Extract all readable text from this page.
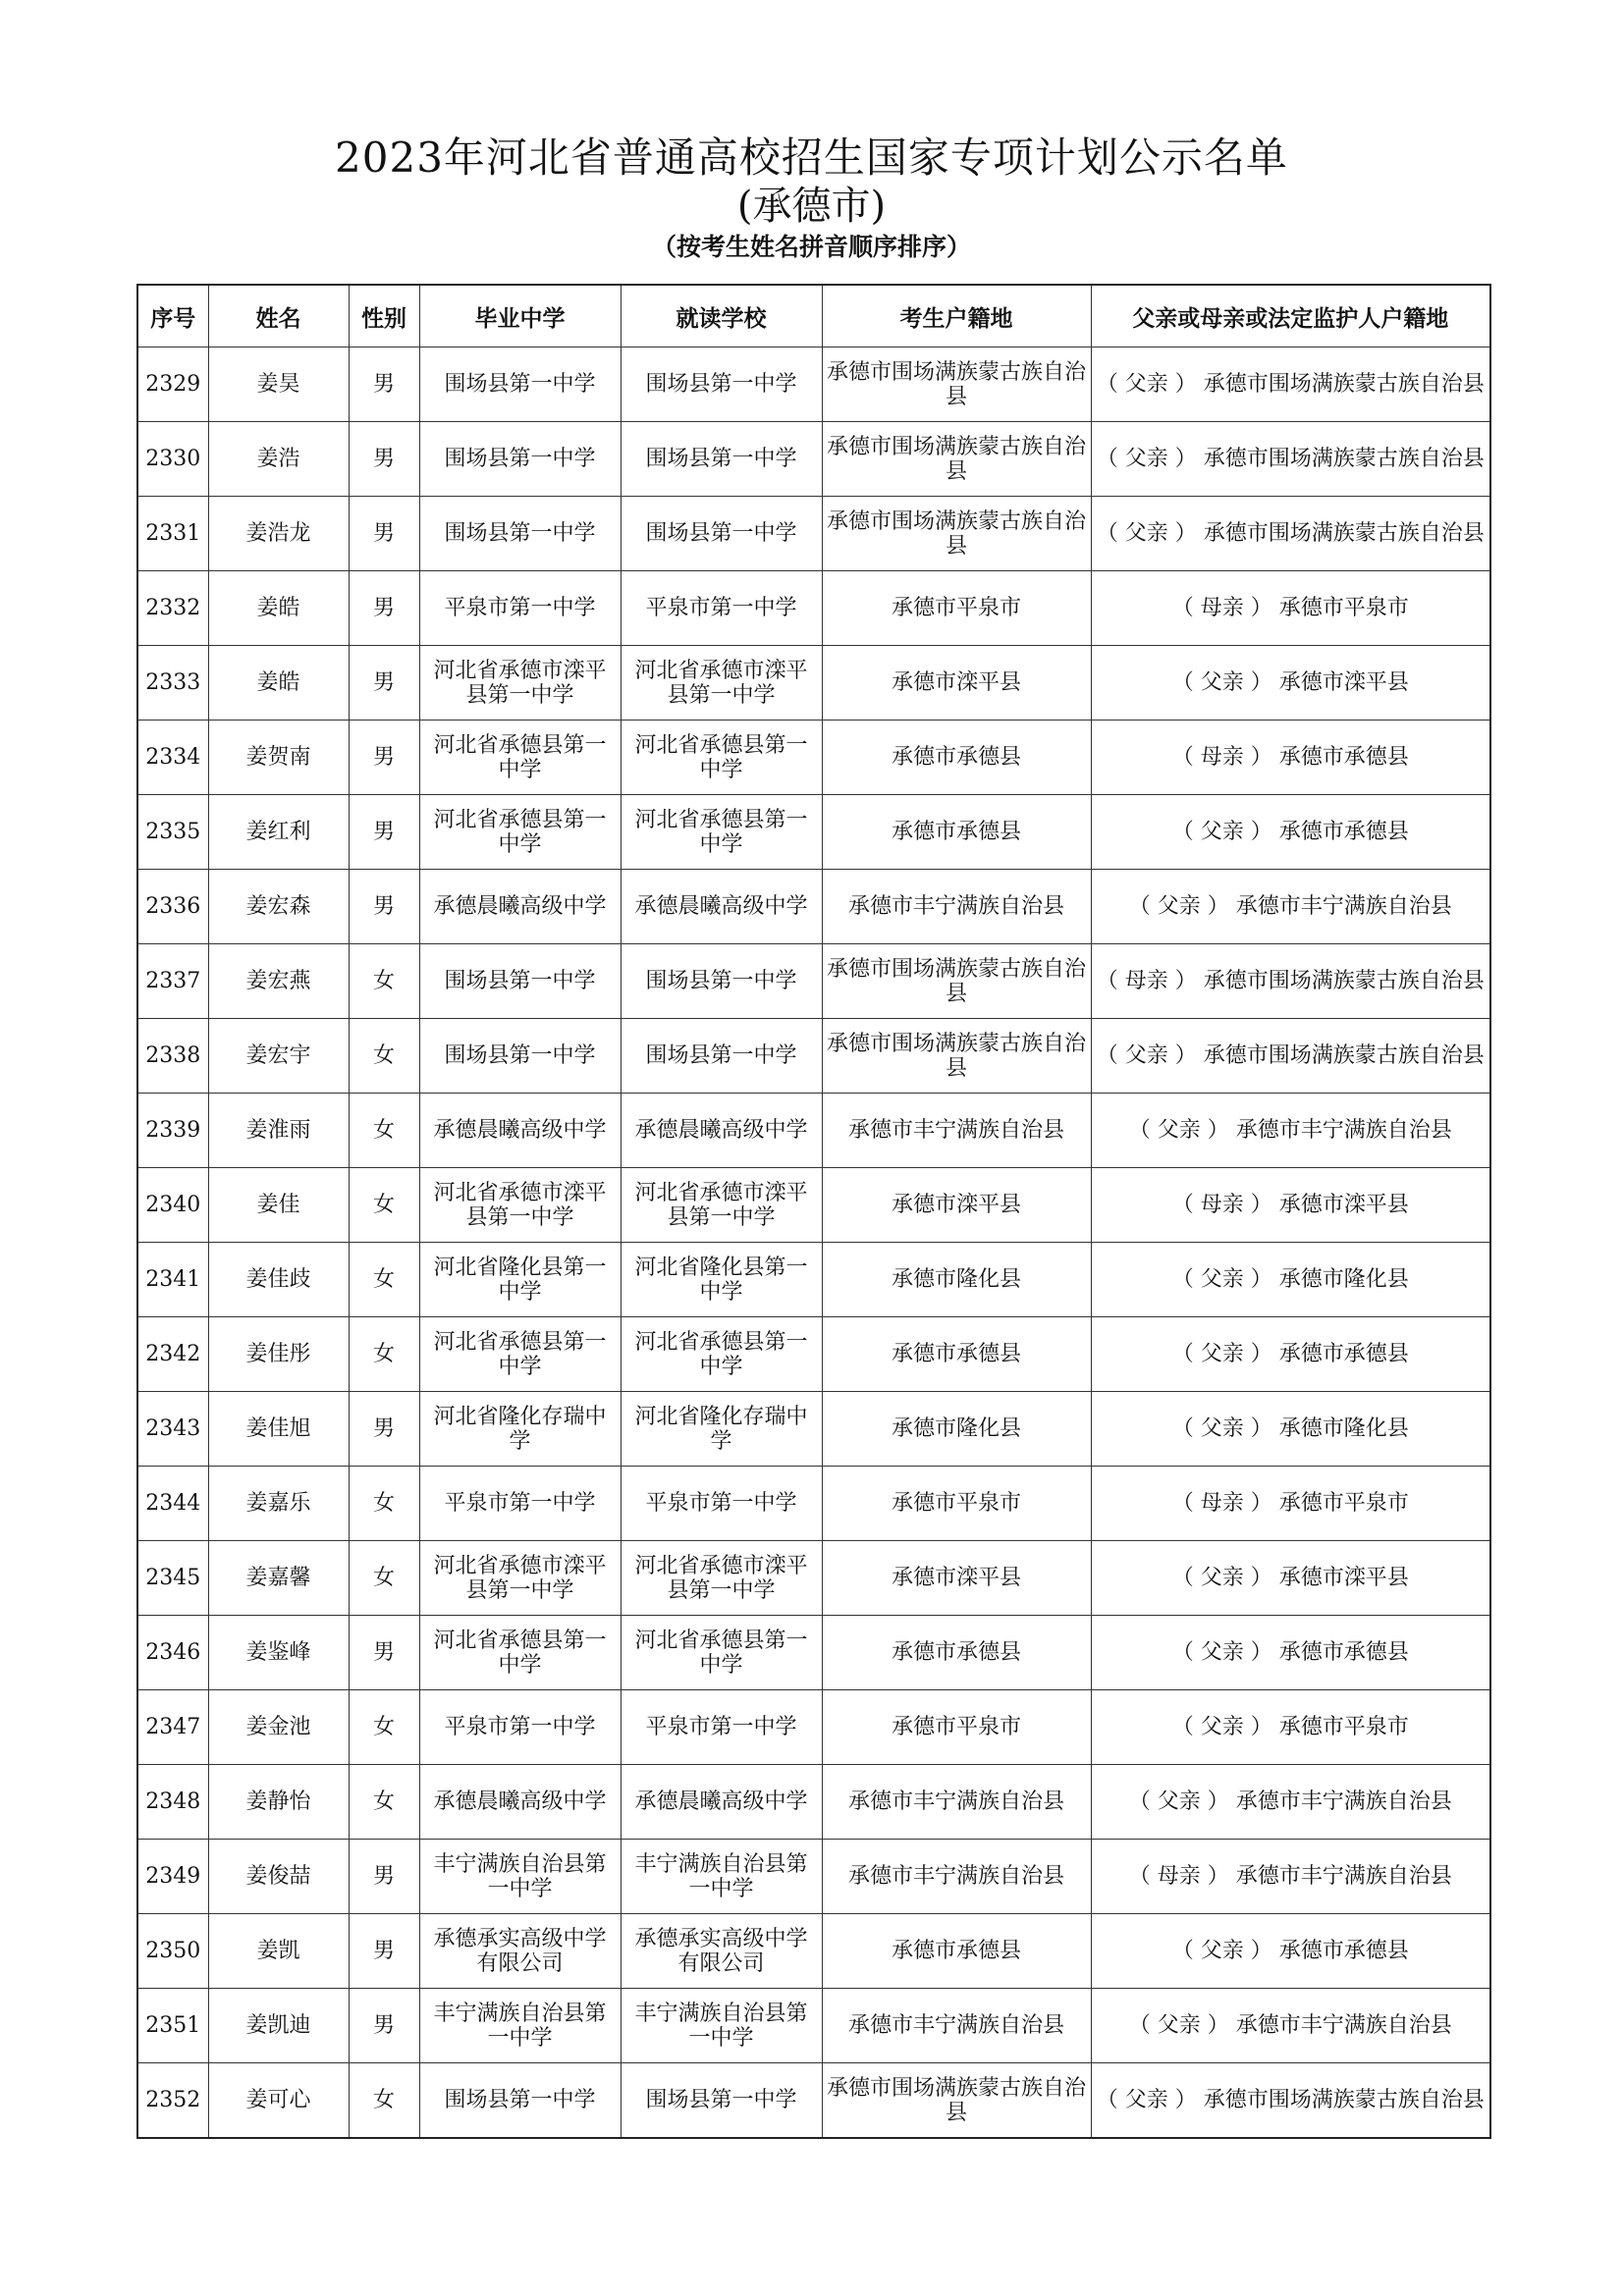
2023年河北省普通高校招生国家专项计划公示名单
(承德市)
（按考生姓名拼音顺序排序）
序号	姓名	性别	毕业中学	就读学校	考生户籍地	父亲或母亲或法定监护人户籍地
2329	姜昊	男	围场县第一中学	围场县第一中学	承德市围场满族蒙古族自治县	（ 父亲 ） 承德市围场满族蒙古族自治县
2330	姜浩	男	围场县第一中学	围场县第一中学	承德市围场满族蒙古族自治县	（ 父亲 ） 承德市围场满族蒙古族自治县
2331	姜浩龙	男	围场县第一中学	围场县第一中学	承德市围场满族蒙古族自治县	（ 父亲 ） 承德市围场满族蒙古族自治县
2332	姜皓	男	平泉市第一中学	平泉市第一中学	承德市平泉市	（ 母亲 ） 承德市平泉市
2333	姜皓	男	河北省承德市滦平县第一中学	河北省承德市滦平县第一中学	承德市滦平县	（ 父亲 ） 承德市滦平县
2334	姜贺南	男	河北省承德县第一中学	河北省承德县第一中学	承德市承德县	（ 母亲 ） 承德市承德县
2335	姜红利	男	河北省承德县第一中学	河北省承德县第一中学	承德市承德县	（ 父亲 ） 承德市承德县
2336	姜宏森	男	承德晨曦高级中学	承德晨曦高级中学	承德市丰宁满族自治县	（ 父亲 ） 承德市丰宁满族自治县
2337	姜宏燕	女	围场县第一中学	围场县第一中学	承德市围场满族蒙古族自治县	（ 母亲 ） 承德市围场满族蒙古族自治县
2338	姜宏宇	女	围场县第一中学	围场县第一中学	承德市围场满族蒙古族自治县	（ 父亲 ） 承德市围场满族蒙古族自治县
2339	姜淮雨	女	承德晨曦高级中学	承德晨曦高级中学	承德市丰宁满族自治县	（ 父亲 ） 承德市丰宁满族自治县
2340	姜佳	女	河北省承德市滦平县第一中学	河北省承德市滦平县第一中学	承德市滦平县	（ 母亲 ） 承德市滦平县
2341	姜佳歧	女	河北省隆化县第一中学	河北省隆化县第一中学	承德市隆化县	（ 父亲 ） 承德市隆化县
2342	姜佳彤	女	河北省承德县第一中学	河北省承德县第一中学	承德市承德县	（ 父亲 ） 承德市承德县
2343	姜佳旭	男	河北省隆化存瑞中学	河北省隆化存瑞中学	承德市隆化县	（ 父亲 ） 承德市隆化县
2344	姜嘉乐	女	平泉市第一中学	平泉市第一中学	承德市平泉市	（ 母亲 ） 承德市平泉市
2345	姜嘉馨	女	河北省承德市滦平县第一中学	河北省承德市滦平县第一中学	承德市滦平县	（ 父亲 ） 承德市滦平县
2346	姜鉴峰	男	河北省承德县第一中学	河北省承德县第一中学	承德市承德县	（ 父亲 ） 承德市承德县
2347	姜金池	女	平泉市第一中学	平泉市第一中学	承德市平泉市	（ 父亲 ） 承德市平泉市
2348	姜静怡	女	承德晨曦高级中学	承德晨曦高级中学	承德市丰宁满族自治县	（ 父亲 ） 承德市丰宁满族自治县
2349	姜俊喆	男	丰宁满族自治县第一中学	丰宁满族自治县第一中学	承德市丰宁满族自治县	（ 母亲 ） 承德市丰宁满族自治县
2350	姜凯	男	承德承实高级中学有限公司	承德承实高级中学有限公司	承德市承德县	（ 父亲 ） 承德市承德县
2351	姜凯迪	男	丰宁满族自治县第一中学	丰宁满族自治县第一中学	承德市丰宁满族自治县	（ 父亲 ） 承德市丰宁满族自治县
2352	姜可心	女	围场县第一中学	围场县第一中学	承德市围场满族蒙古族自治县	（ 父亲 ） 承德市围场满族蒙古族自治县
